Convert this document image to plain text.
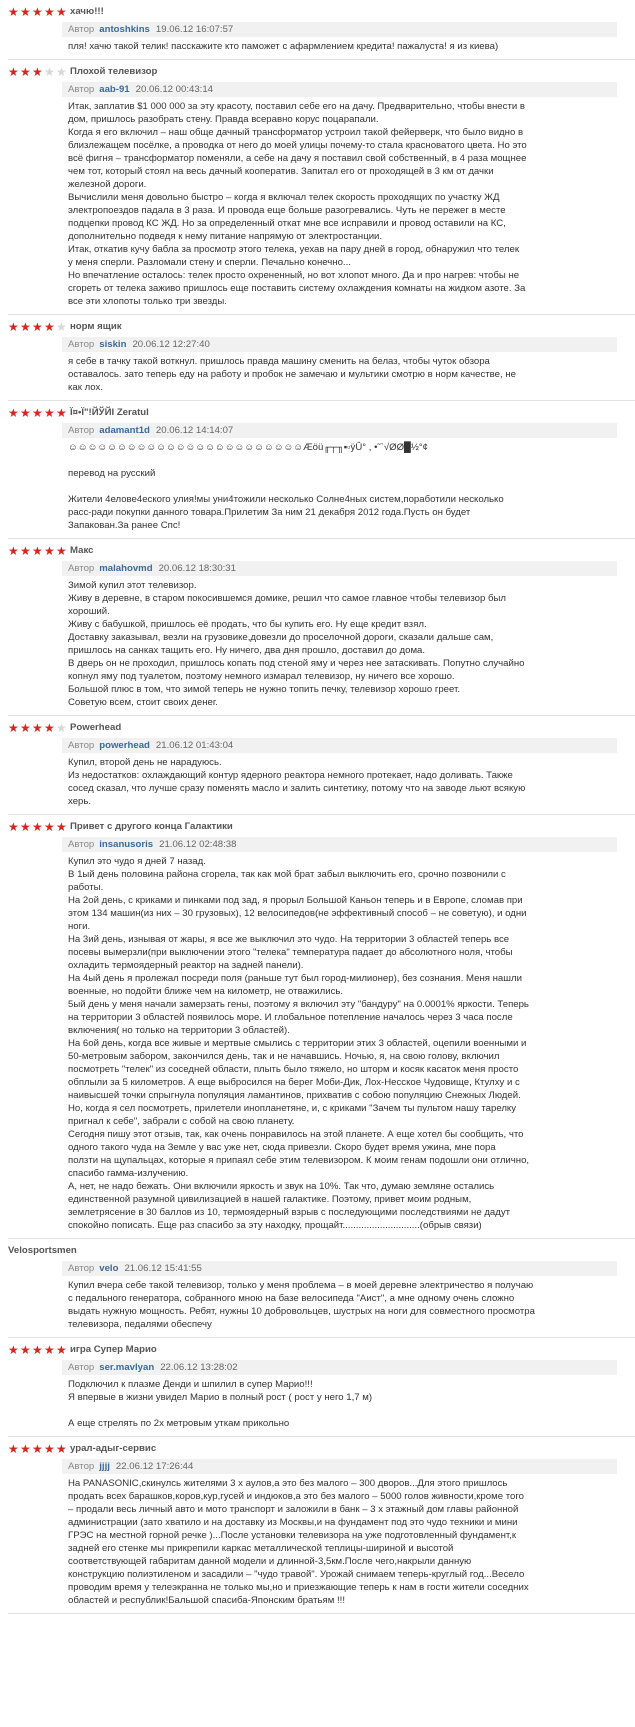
★ ★ ★ ★ ★ хачю!!!
Автор antoshkins 19.06.12 16:07:57

пля! хачю такой телик! пасскажите кто паможет с афармлением кредита! пажалуста! я из киева)

★ ★ ★ ★ ★ Плохой телевизор
Автор aab-91 20.06.12 00:43:14

Итак, заплатив $1 000 000 за эту красоту, поставил себе его на дачу. Предварительно, чтобы внести в

дом, пришлось разобрать стену. Правда всеравно корус поцарапали.

Когда я его включил – наш обще дачный трансформатор устроил такой фейерверк, что было видно в

близлежащем посёлке, а проводка от него до моей улицы почему-то стала красноватого цвета. Но это

всё фигня – трансформатор поменяли, а себе на дачу я поставил свой собственный, в 4 раза мощнее

чем тот, который стоял на весь дачный кооператив. Запитал его от проходящей в 3 км от дачки

железной дороги.

Вычислили меня довольно быстро – когда я включал телек скорость проходящих по участку ЖД

электропоездов падала в 3 раза. И провода еще больше разогревались. Чуть не пережег в месте

подцепки провод КС ЖД. Но за определенный откат мне все исправили и провод оставили на КС,

дополнительно подведя к нему питание напрямую от электростанции.

Итак, откатив кучу бабла за просмотр этого телека, уехав на пару дней в город, обнаружил что телек

у меня сперли. Разломали стену и сперли. Печально конечно...

Но впечатление осталось: телек просто охрененный, но вот хлопот много. Да и про нагрев: чтобы не

сгореть от телека заживо пришлось еще поставить систему охлаждения комнаты на жидком азоте. За

все эти хлопоты только три звезды.

★ ★ ★ ★ ★ норм ящик
Автор siskin 20.06.12 12:27:40

я себе в тачку такой воткнул. пришлось правда машину сменить на белаз, чтобы чуток обзора

оставалось. зато теперь еду на работу и пробок не замечаю и мультики смотрю в норм качестве, не

как лох.

★ ★ ★ ★ ★ Ї¤•Ї"!ЙЎЙІ Zeratul
Автор adamant1d 20.06.12 14:14:07

☺☺☺☺☺☺☺☺☺☺☺☺☺☺☺☺☺☺☺☺☺☺☺☺Æöü╓┬╖▪▫ÿÛ° , •˜`√ØØ█½°¢

перевод на русский

Жители 4елове4еского улия!мы уни4тожили несколько Солне4ных систем,поработили несколько

расс-ради покупки данного товара.Прилетим За ним 21 декабря 2012 года.Пусть он будет

Запакован.За ранее Спс!

★ ★ ★ ★ ★ Макс
Автор malahovmd 20.06.12 18:30:31

Зимой купил этот телевизор.

Живу в деревне, в старом покосившемся домике, решил что самое главное чтобы телевизор был

хороший.

Живу с бабушкой, пришлось её продать, что бы купить его. Ну еще кредит взял.

Доставку заказывал, везли на грузовике,довезли до проселочной дороги, сказали дальше сам,

пришлось на санках тащить его. Ну ничего, два дня прошло, доставил до дома.

В дверь он не проходил, пришлось копать под стеной яму и через нее затаскивать. Попутно случайно

копнул яму под туалетом, поэтому немного измарал телевизор, ну ничего все хорошо.

Большой плюс в том, что зимой теперь не нужно топить печку, телевизор хорошо греет.

Советую всем, стоит своих денег.

★ ★ ★ ★ ★ Powerhead
Автор powerhead 21.06.12 01:43:04

Купил, второй день не нарадуюсь.

Из недостатков: охлаждающий контур ядерного реактора немного протекает, надо доливать. Также

сосед сказал, что лучше сразу поменять масло и залить синтетику, потому что на заводе льют всякую

херь.

★ ★ ★ ★ ★ Привет с другого конца Галактики
Автор insanusoris 21.06.12 02:48:38

Купил это чудо я дней 7 назад.

В 1ый день половина района сгорела, так как мой брат забыл выключить его, срочно позвонили с

работы.

На 2ой день, с криками и пинками под зад, я прорыл Большой Каньон теперь и в Европе, сломав при

этом 134 машин(из них – 30 грузовых), 12 велосипедов(не эффективный способ – не советую), и одни

ноги.

На 3ий день, изнывая от жары, я все же выключил это чудо. На территории 3 областей теперь все

посевы вымерзли(при выключении этого "телека" температура падает до абсолютного ноля, чтобы

охладить термоядерный реактор на задней панели).

На 4ый день я пролежал посреди поля (раньше тут был город-милионер), без сознания. Меня нашли

военные, но подойти ближе чем на километр, не отважились.

5ый день у меня начали замерзать гены, поэтому я включил эту "бандуру" на 0.0001% яркости. Теперь

на территории 3 областей появилось море. И глобальное потепление началось через 3 часа после

включения( но только на территории 3 областей).

На 6ой день, когда все живые и мертвые смылись с территории этих 3 областей, оцепили военными и

50-метровым забором, закончился день, так и не начавшись. Ночью, я, на свою голову, включил

посмотреть "телек" из соседней области, плыть было тяжело, но шторм и косяк касаток меня просто

обплыли за 5 километров. А еще выбросился на берег Моби-Дик, Лох-Несское Чудовище, Ктулху и с

наивысшей точки спрыгнула популяция ламантинов, прихватив с собою популяцию Снежных Людей.

Но, когда я сел посмотреть, прилетели инопланетяне, и, с криками "Зачем ты пультом нашу тарелку

пригнал к себе", забрали с собой на свою планету.

Сегодня пишу этот отзыв, так, как очень понравилось на этой планете. А еще хотел бы сообщить, что

одного такого чуда на Земле у вас уже нет, сюда привезли. Скоро будет время ужина, мне пора

ползти на щупальцах, которые я припаял себе этим телевизором. К моим генам подошли они отлично,

спасибо гамма-излучению.

А, нет, не надо бежать. Они включили яркость и звук на 10%. Так что, думаю земляне остались

единственной разумной цивилизацией в нашей галактике. Поэтому, привет моим родным,

землетрясение в 30 баллов из 10, термоядерный взрыв с последующими последствиями не дадут

спокойно пописать. Еще раз спасибо за эту находку, прощайт.............................(обрыв связи)

Velosportsmen
Автор velo 21.06.12 15:41:55

Купил вчера себе такой телевизор, только у меня проблема – в моей деревне электричество я получаю

с педального генератора, собранного мною на базе велосипеда "Аист", а мне одному очень сложно

выдать нужную мощность. Ребят, нужны 10 добровольцев, шустрых на ноги для совместного просмотра

телевизора, педалями обеспечу

★ ★ ★ ★ ★ игра Супер Марио
Автор ser.mavlyan 22.06.12 13:28:02

Подключил к плазме Денди и шпилил в супер Марио!!!

Я впервые в жизни увидел Марио в полный рост ( рост у него 1,7 м)

А еще стрелять по 2х метровым уткам прикольно

★ ★ ★ ★ ★ урал-адыг-сервис
Автор jjjj 22.06.12 17:26:44

На PANASONIC,скинулсь жителями 3 х аулов,а это без малого – 300 дворов...Для этого пришлось

продать всех барашков,коров,кур,гусей и индюков,а это без малого – 5000 голов живности,кроме того

– продали весь личный авто и мото транспорт и заложили в банк – 3 х этажный дом главы районной

администрации (зато хватило и на доставку из Москвы,и на фундамент под это чудо техники и мини

ГРЭС на местной горной речке )...После установки телевизора на уже подготовленный фундамент,к

задней его стенке мы прикрепили каркас металлической теплицы-шириной и высотой

соответствующей габаритам данной модели и длинной-3,5км.После чего,накрыли данную

конструкцию полиэтиленом и засадили – "чудо травой". Урожай снимаем теперь-круглый год...Весело

проводим время у телеэкранна не только мы,но и приезжающие теперь к нам в гости жители соседних

областей и республик!Бальшой спасиба-Японским братьям !!!
